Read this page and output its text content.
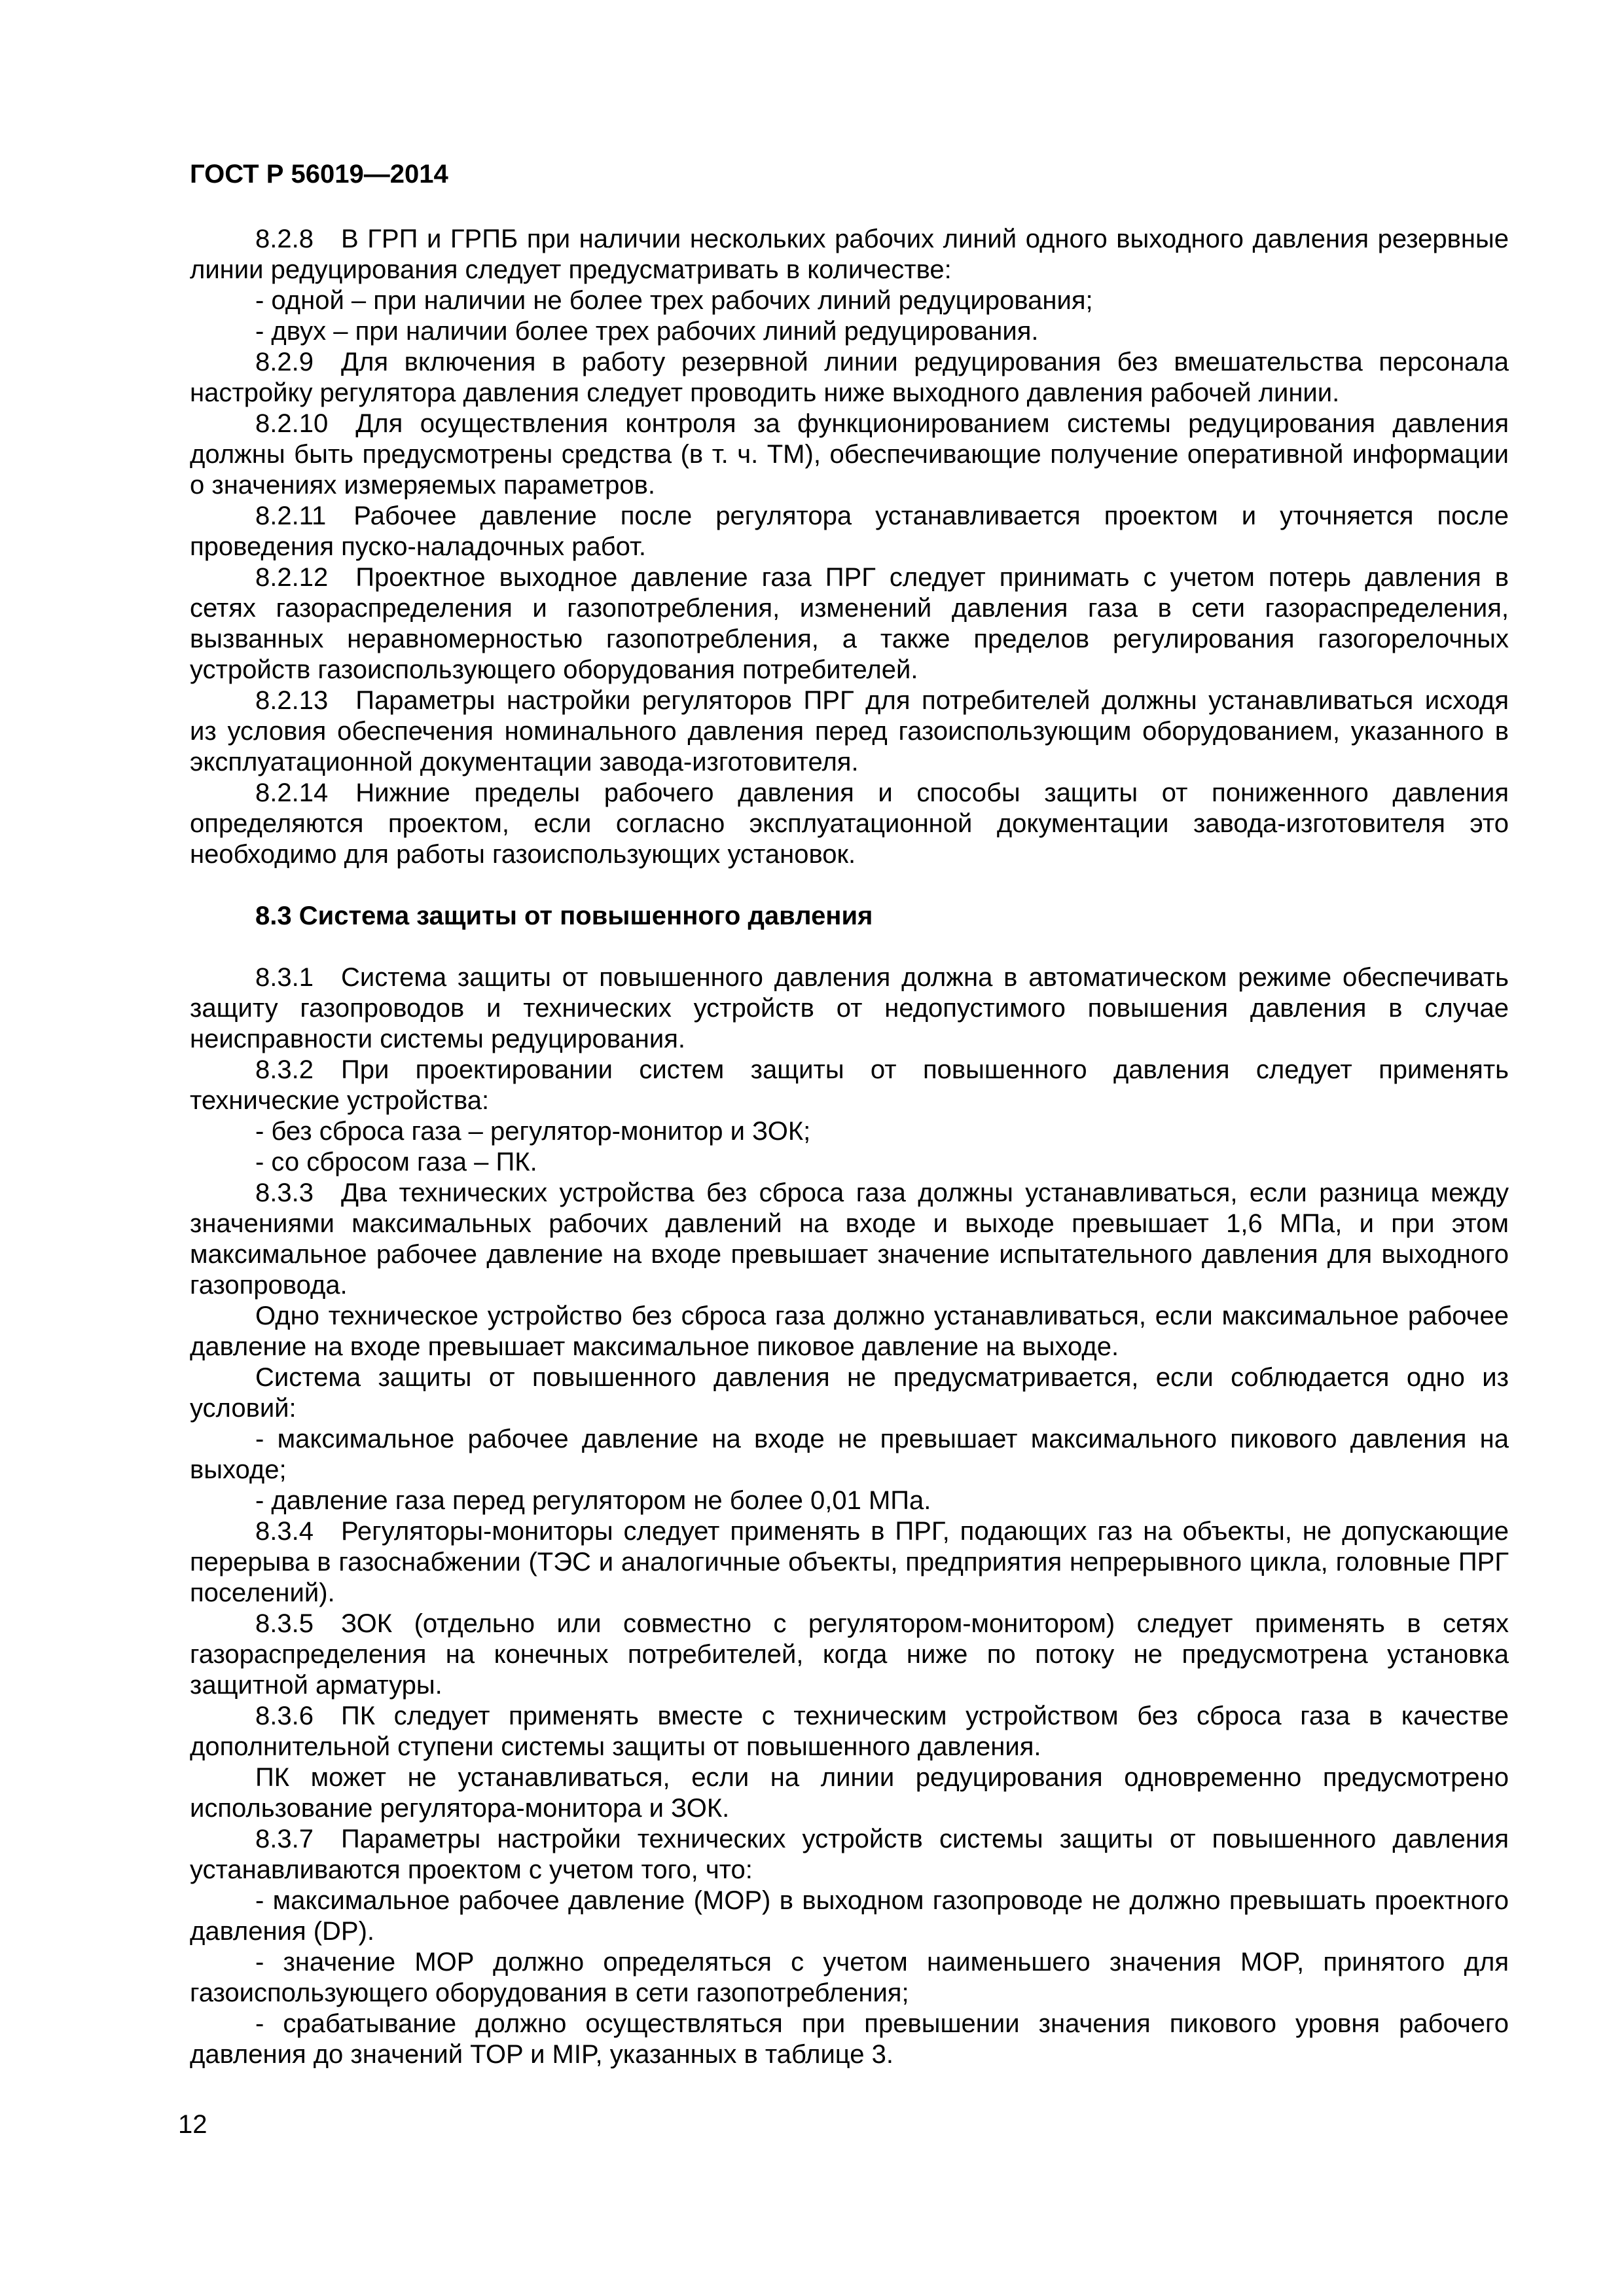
ГОСТ Р 56019—2014

8.2.8 В ГРП и ГРПБ при наличии нескольких рабочих линий одного выходного давления резервные линии редуцирования следует предусматривать в количестве:

- одной – при наличии не более трех рабочих линий редуцирования;

- двух – при наличии более трех рабочих линий редуцирования.

8.2.9 Для включения в работу резервной линии редуцирования без вмешательства персонала настройку регулятора давления следует проводить ниже выходного давления рабочей линии.

8.2.10 Для осуществления контроля за функционированием системы редуцирования давления должны быть предусмотрены средства (в т. ч. ТМ), обеспечивающие получение оперативной информации о значениях измеряемых параметров.

8.2.11 Рабочее давление после регулятора устанавливается проектом и уточняется после проведения пуско-наладочных работ.

8.2.12 Проектное выходное давление газа ПРГ следует принимать с учетом потерь давления в сетях газораспределения и газопотребления, изменений давления газа в сети газораспределения, вызванных неравномерностью газопотребления, а также пределов регулирования газогорелочных устройств газоиспользующего оборудования потребителей.

8.2.13 Параметры настройки регуляторов ПРГ для потребителей должны устанавливаться исходя из условия обеспечения номинального давления перед газоиспользующим оборудованием, указанного в эксплуатационной документации завода-изготовителя.

8.2.14 Нижние пределы рабочего давления и способы защиты от пониженного давления определяются проектом, если согласно эксплуатационной документации завода-изготовителя это необходимо для работы газоиспользующих установок.

8.3 Система защиты от повышенного давления

8.3.1 Система защиты от повышенного давления должна в автоматическом режиме обеспечивать защиту газопроводов и технических устройств от недопустимого повышения давления в случае неисправности системы редуцирования.

8.3.2 При проектировании систем защиты от повышенного давления следует применять технические устройства:

- без сброса газа – регулятор-монитор и ЗОК;

- со сбросом газа – ПК.

8.3.3 Два технических устройства без сброса газа должны устанавливаться, если разница между значениями максимальных рабочих давлений на входе и выходе превышает 1,6 МПа, и при этом максимальное рабочее давление на входе превышает значение испытательного давления для выходного газопровода.

Одно техническое устройство без сброса газа должно устанавливаться, если максимальное рабочее давление на входе превышает максимальное пиковое давление на выходе.

Система защиты от повышенного давления не предусматривается, если соблюдается одно из условий:

- максимальное рабочее давление на входе не превышает максимального пикового давления на выходе;

- давление газа перед регулятором не более 0,01 МПа.

8.3.4 Регуляторы-мониторы следует применять в ПРГ, подающих газ на объекты, не допускающие перерыва в газоснабжении (ТЭС и аналогичные объекты, предприятия непрерывного цикла, головные ПРГ поселений).

8.3.5 ЗОК (отдельно или совместно с регулятором-монитором) следует применять в сетях газораспределения на конечных потребителей, когда ниже по потоку не предусмотрена установка защитной арматуры.

8.3.6 ПК следует применять вместе с техническим устройством без сброса газа в качестве дополнительной ступени системы защиты от повышенного давления.

ПК может не устанавливаться, если на линии редуцирования одновременно предусмотрено использование регулятора-монитора и ЗОК.

8.3.7 Параметры настройки технических устройств системы защиты от повышенного давления устанавливаются проектом с учетом того, что:

- максимальное рабочее давление (MOP) в выходном газопроводе не должно превышать проектного давления (DP).

- значение MOP должно определяться с учетом наименьшего значения MOP, принятого для газоиспользующего оборудования в сети газопотребления;

- срабатывание должно осуществляться при превышении значения пикового уровня рабочего давления до значений TOP и MIP, указанных в таблице 3.

12
